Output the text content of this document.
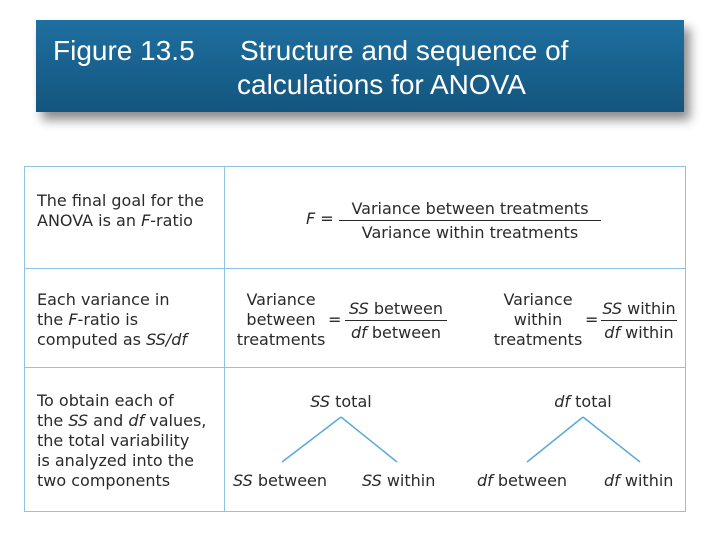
Figure 13.5 Structure and sequence of
calculations for ANOVA
The final goal for the
ANOVA is an F-ratio	F =
Variance between treatments
Variance within treatments
Each variance in
the F-ratio is
computed as SS/df
Variance
between
treatments
=
SS between
df between
Variance
within
treatments
=
SS within
df within
To obtain each of
the SS and df values,
the total variability
is analyzed into the
two components
SS total
SS between SS within
df total
df between df within
